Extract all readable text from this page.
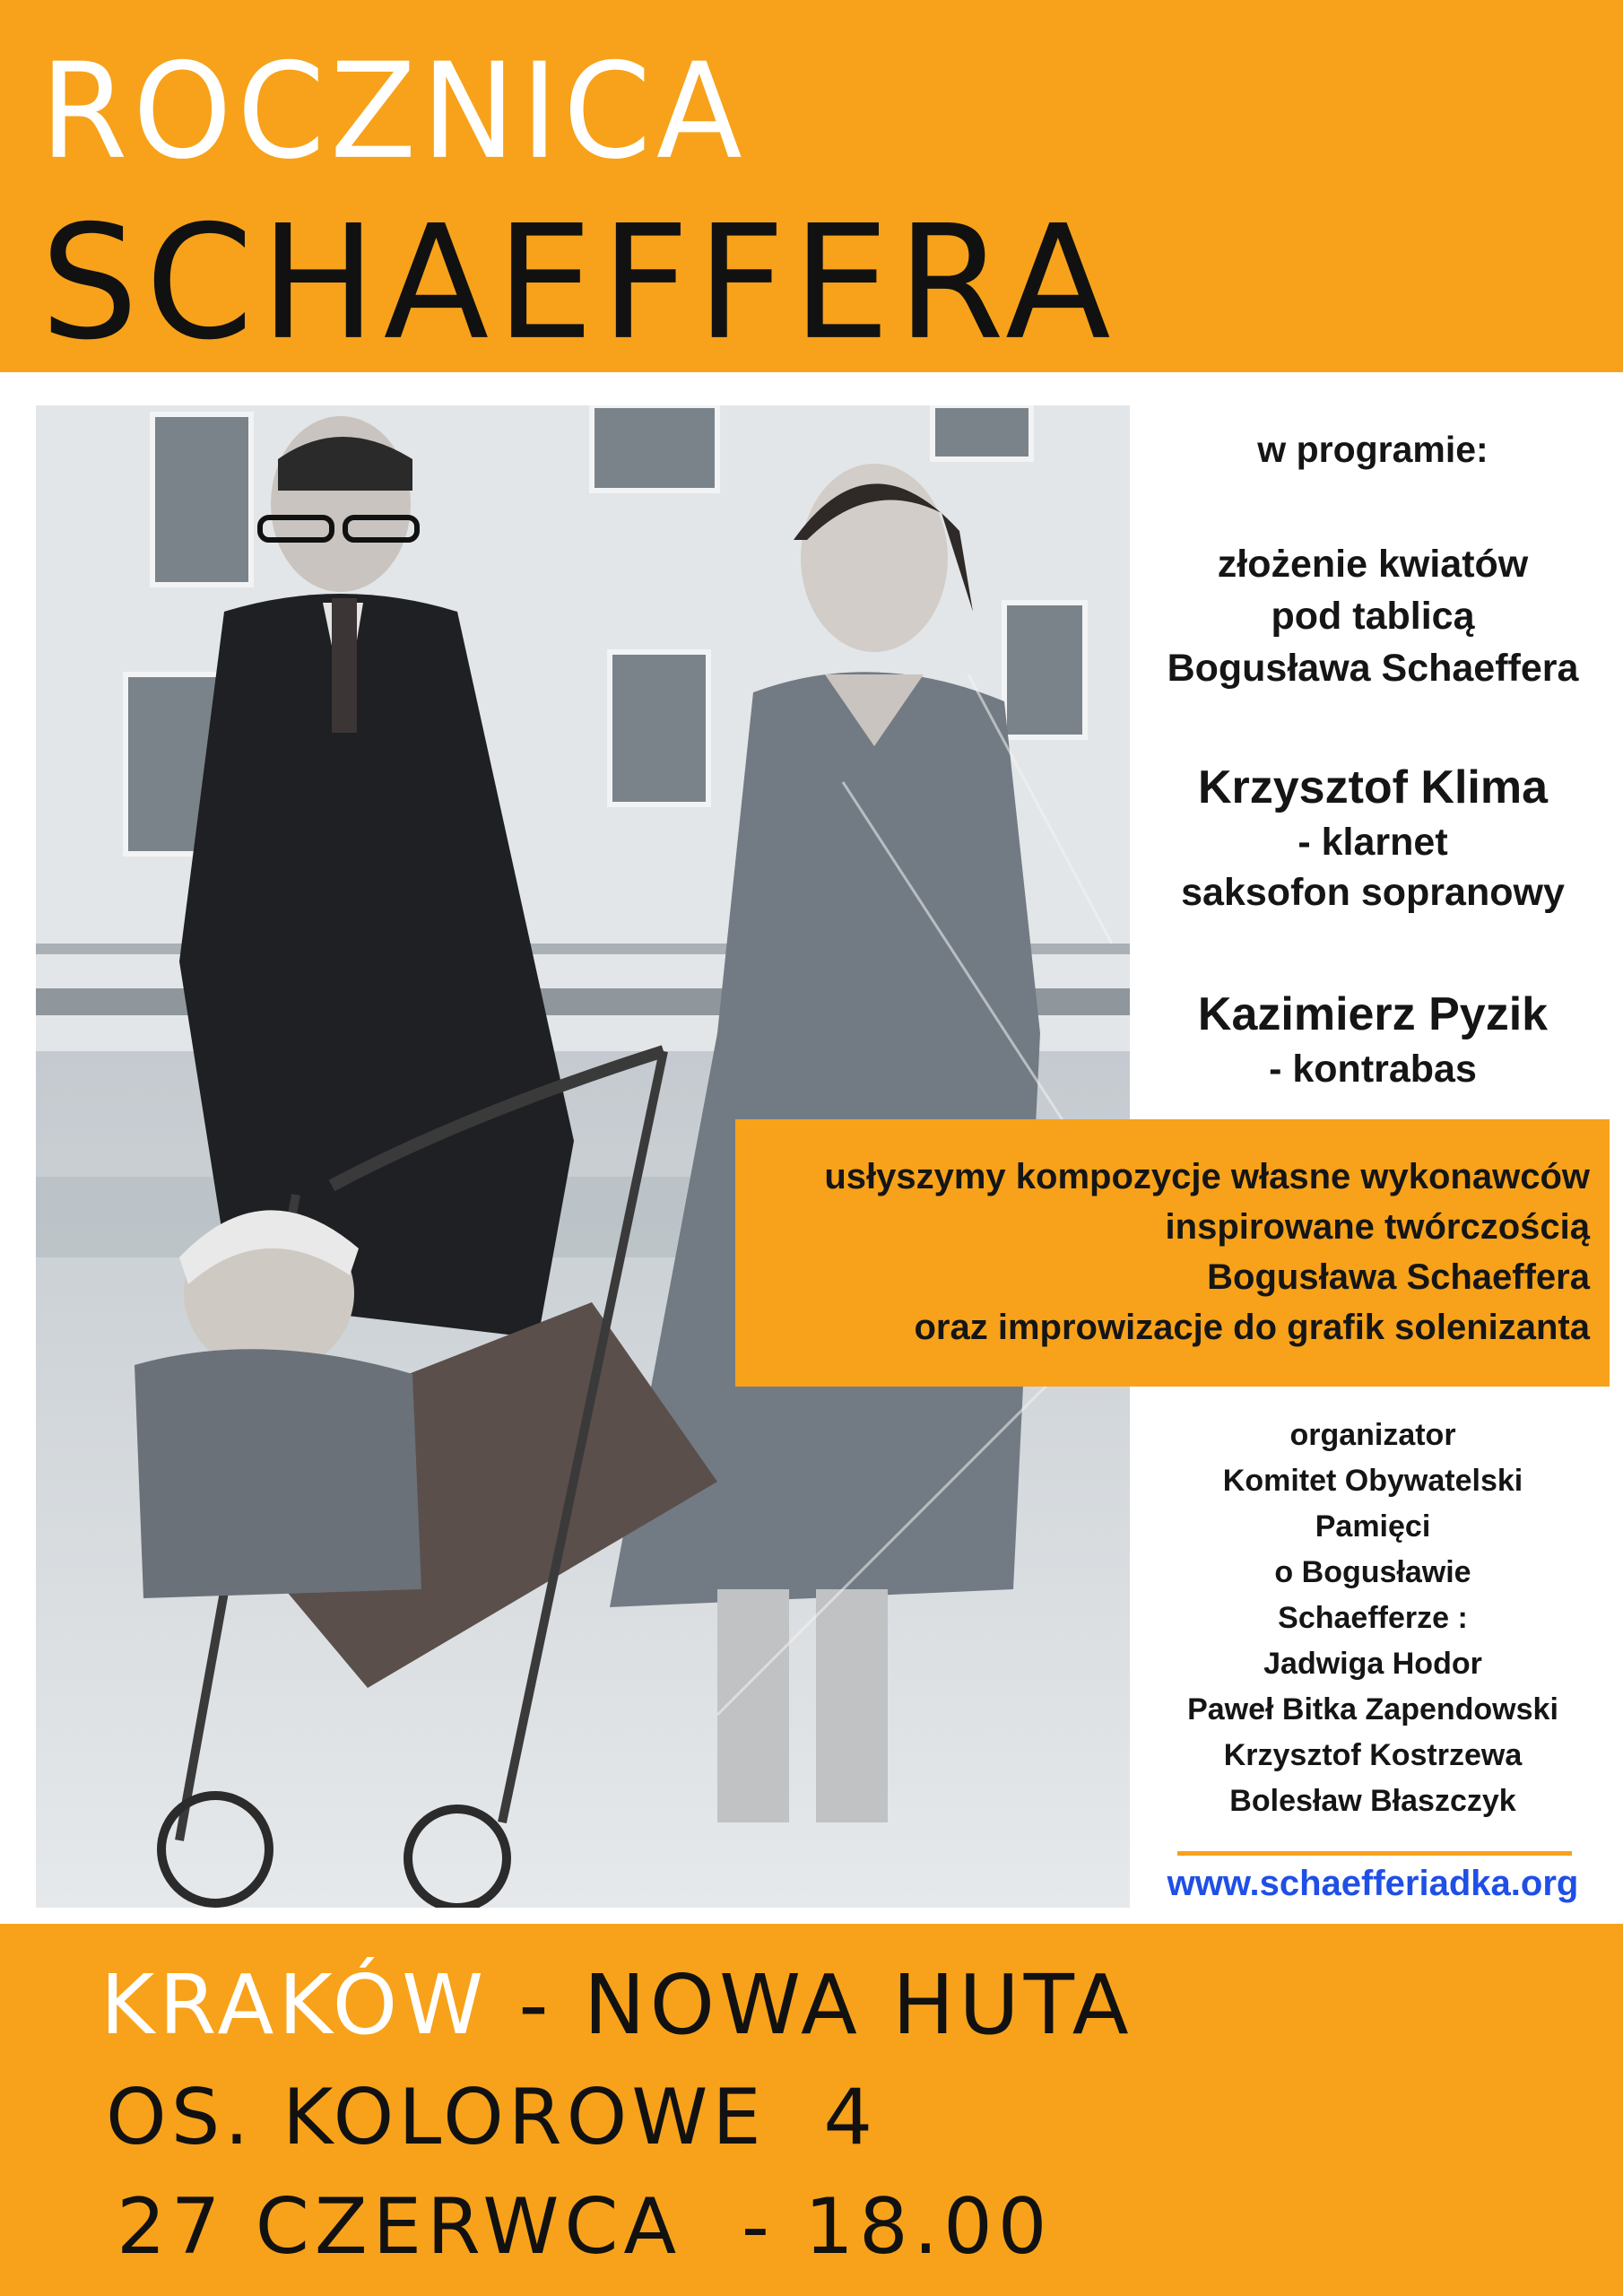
ROCZNICA
SCHAEFFERA
w programie:
złożenie kwiatów
pod tablicą
Bogusława Schaeffera
Krzysztof Klima
- klarnet
saksofon sopranowy
Kazimierz Pyzik
- kontrabas
usłyszymy kompozycje własne wykonawców
inspirowane twórczością
Bogusława Schaeffera
oraz improwizacje do grafik solenizanta
organizator
Komitet Obywatelski
Pamięci
o Bogusławie
Schaefferze :
Jadwiga Hodor
Paweł Bitka Zapendowski
Krzysztof Kostrzewa
Bolesław Błaszczyk
www.schaefferiadka.org
KRAKÓW - NOWA HUTA
OS. KOLOROWE  4
27 CZERWCA  - 18.00
